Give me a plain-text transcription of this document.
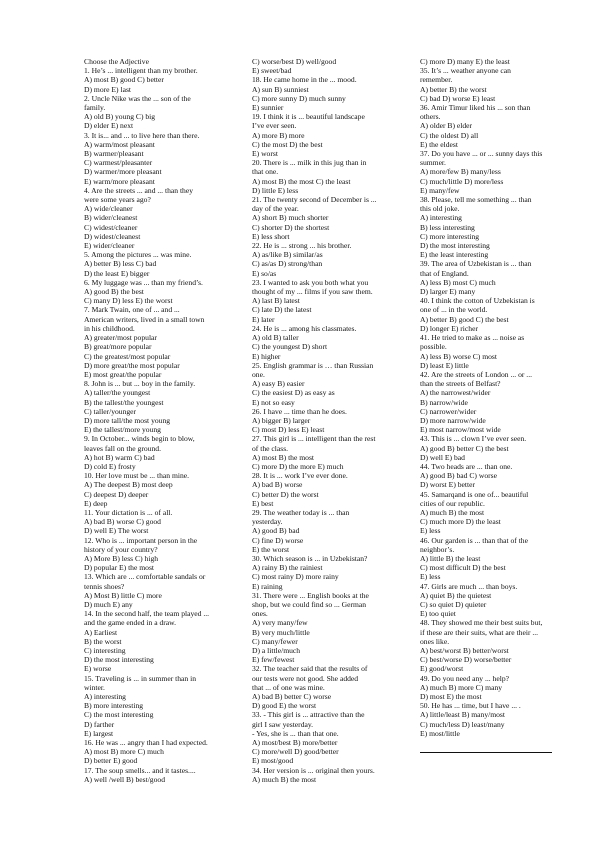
Choose the Adjective
1. He’s ... intelligent than my brother.
A) most B) good C) better
D) more E) last
2. Uncle Nike was the ... son of the
family.
A) old B) young C) big
D) elder E) next
3. It is... and ... to live here than there.
A) warm/most pleasant
B) warmer/pleasant
C) warmest/pleasanter
D) warmer/more pleasant
E) warm/more pleasant
4. Are the streets ... and ... than they
were some years ago?
A) wide/cleaner
B) wider/cleanest
C) widest/cleaner
D) widest/cleanest
E) wider/cleaner
5. Among the pictures ... was mine.
A) better B) less C) bad
D) the least E) bigger
6. My luggage was ... than my friend’s.
A) good B) the best
C) many D) less E) the worst
7. Mark Twain, one of ... and ...
American writers, lived in a small town
in his childhood.
A) greater/most popular
B) great/more popular
C) the greatest/most popular
D) more great/the most popular
E) most great/the popular
8. John is ... but ... boy in the family.
A) taller/the youngest
B) the tallest/the youngest
C) taller/younger
D) more tall/the most young
E) the tallest/more young
9. In October... winds begin to blow,
leaves fall on the ground.
A) hot B) warm C) bad
D) cold E) frosty
10. Her love must be ... than mine.
A) The deepest B) most deep
C) deepest D) deeper
E) deep
11. Your dictation is ... of all.
A) bad B) worse C) good
D) well E) The worst
12. Who is ... important person in the
history of your country?
A) More B) less C) high
D) popular E) the most
13. Which are ... comfortable sandals or
tennis shoes?
A) Most B) little C) more
D) much E) any
14. In the second half, the team played ...
and the game ended in a draw.
A) Earliest
B) the worst
C) interesting
D) the most interesting
E) worse
15. Traveling is ... in summer than in
winter.
A) interesting
B) more interesting
C) the most interesting
D) farther
E) largest
16. He was ... angry than I had expected.
A) most B) more C) much
D) better E) good
17. The soup smells... and it tastes....
A) well /well B) best/good
C) worse/best D) well/good
E) sweet/bad
18. He came home in the ... mood.
A) sun B) sunniest
C) more sunny D) much sunny
E) sunnier
19. I think it is ... beautiful landscape
I’ve ever seen.
A) more B) more
C) the most D) the best
E) worst
20. There is ... milk in this jug than in
that one.
A) most B) the most C) the least
D) little E) less
21. The twenty second of December is ...
day of the year.
A) short B) much shorter
C) shorter D) the shortest
E) less short
22. He is ... strong ... his brother.
A) as/like B) similar/as
C) as/as D) strong/than
E) so/as
23. I wanted to ask you both what you
thought of my ... films if you saw them.
A) last B) latest
C) late D) the latest
E) later
24. He is ... among his classmates.
A) old B) taller
C) the youngest D) short
E) higher
25. English grammar is … than Russian
one.
A) easy B) easier
C) the easiest D) as easy as
E) not so easy
26. I have ... time than he does.
A) bigger B) larger
C) most D) less E) least
27. This girl is ... intelligent than the rest
of the class.
A) most B) the most
C) more D) the more E) much
28. It is ... work I’ve ever done.
A) bad B) worse
C) better D) the worst
E) best
29. The weather today is ... than
yesterday.
A) good B) bad
C) fine D) worse
E) the worst
30. Which season is ... in Uzbekistan?
A) rainy B) the rainiest
C) most rainy D) more rainy
E) raining
31. There were ... English books at the
shop, but we could find so ... German
ones.
A) very many/few
B) very much/little
C) many/fewer
D) a little/much
E) few/fewest
32. The teacher said that the results of
our tests were not good. She added
that ... of one was mine.
A) bad B) better C) worse
D) good E) the worst
33. - This girl is ... attractive than the
girl I saw yesterday.
- Yes, she is ... than that one.
A) most/best B) more/better
C) more/well D) good/better
E) most/good
34. Her version is ... original then yours.
A) much B) the most
C) more D) many E) the least
35. It’s ... weather anyone can
remember.
A) better B) the worst
C) bad D) worse E) least
36. Amir Timur liked his ... son than
others.
A) older B) elder
C) the oldest D) all
E) the eldest
37. Do you have ... or ... sunny days this
summer.
A) more/few B) many/less
C) much/little D) more/less
E) many/few
38. Please, tell me something ... than
this old joke.
A) interesting
B) less interesting
C) more interesting
D) the most interesting
E) the least interesting
39. The area of Uzbekistan is ... than
that of England.
A) less B) most C) much
D) larger E) many
40. I think the cotton of Uzbekistan is
one of ... in the world.
A) better B) good C) the best
D) longer E) richer
41. He tried to make as ... noise as
possible.
A) less B) worse C) most
D) least E) little
42. Are the streets of London ... or ...
than the streets of Belfast?
A) the narrowest/wider
B) narrow/wide
C) narrower/wider
D) more narrow/wide
E) most narrow/most wide
43. This is ... clown I’ve ever seen.
A) good B) better C) the best
D) well E) bad
44. Two heads are ... than one.
A) good B) bad C) worse
D) worst E) better
45. Samarqand is one of... beautiful
cities of our republic.
A) much B) the most
C) much more D) the least
E) less
46. Our garden is ... than that of the
neighbor’s.
A) little B) the least
C) most difficult D) the best
E) less
47. Girls are much ... than boys.
A) quiet B) the quietest
C) so quiet D) quieter
E) too quiet
48. They showed me their best suits but,
if these are their suits, what are their ...
ones like.
A) best/worst B) better/worst
C) best/worse D) worse/better
E) good/worst
49. Do you need any ... help?
A) much B) more C) many
D) most E) the most
50. He has ... time, but I have ... .
A) little/least B) many/most
C) much/less D) least/many
E) most/little
